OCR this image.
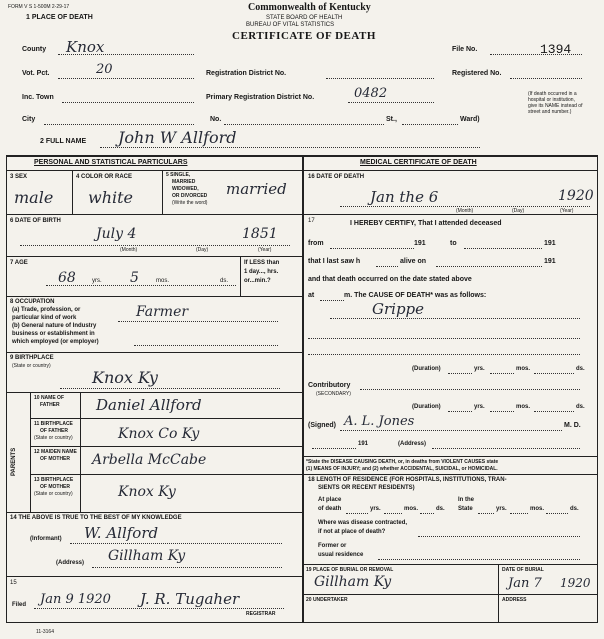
FORM V S 1-500M 2-29-17
1 PLACE OF DEATH
Commonwealth of Kentucky
STATE BOARD OF HEALTH
BUREAU OF VITAL STATISTICS
CERTIFICATE OF DEATH
County Knox
Vot. Pct.	20
Inc. Town
City
Registration District No.
Primary Registration District No.	0482
No.	St.,	Ward)
File No.	1394
Registered No.
(If death occurred in a
hospital or institution,
give its NAME instead of
street and number.)
2 FULL NAME John W Allford
PERSONAL AND STATISTICAL PARTICULARS
3 SEX
male
4 COLOR OR RACE
white
5 SINGLE,
MARRIED
WIDOWED,
OR DIVORCED
(Write the word)
married
6 DATE OF BIRTH
July 4	1851
(Month)	(Day)	(Year)
7 AGE
68	yrs. 5	mos.	ds.
If LESS than
1 day..., hrs.
or...min.?
8 OCCUPATION
(a) Trade, profession, or
particular kind of work
(b) General nature of Industry
business or establishment in
which employed (or employer)
Farmer
9 BIRTHPLACE
(State or country)
Knox Ky
PARENTS
10 NAME OF
FATHER Daniel Allford
11 BIRTHPLACE
OF FATHER
(State or country)	Knox Co Ky
12 MAIDEN NAME
OF MOTHER Arbella McCabe
13 BIRTHPLACE
OF MOTHER
(State or country)	Knox Ky
14 THE ABOVE IS TRUE TO THE BEST OF MY KNOWLEDGE
(Informant) W. Allford
(Address) Gillham Ky
15
Filed Jan 9 1920 J. R. Tugaher
REGISTRAR
11-3164
MEDICAL CERTIFICATE OF DEATH
16 DATE OF DEATH
Jan the 6	1920
(Month)	(Day)	(Year)
17	I HEREBY CERTIFY, That I attended deceased
from	191	to	191
that I last saw h	alive on	191
and that death occurred on the date stated above
at	m. The CAUSE OF DEATH* was as follows:
Grippe
(Duration)	yrs.	mos.	ds.
Contributory
(SECONDARY)
(Duration)	yrs.	mos.	ds.
(Signed) A. L. Jones	M. D.
191	(Address)
*State the DISEASE CAUSING DEATH, or, in deaths from VIOLENT CAUSES state
(1) MEANS OF INJURY; and (2) whether ACCIDENTAL, SUICIDAL, or HOMICIDAL.
18 LENGTH OF RESIDENCE (FOR HOSPITALS, INSTITUTIONS, TRAN-
SIENTS OR RECENT RESIDENTS)
At place
of death	yrs.	mos.	ds.
In the
State	yrs.	mos.	ds.
Where was disease contracted,
if not at place of death?
Former or
usual residence
19 PLACE OF BURIAL OR REMOVAL
Gillham Ky
DATE OF BURIAL
Jan 7 1920
20 UNDERTAKER	ADDRESS
